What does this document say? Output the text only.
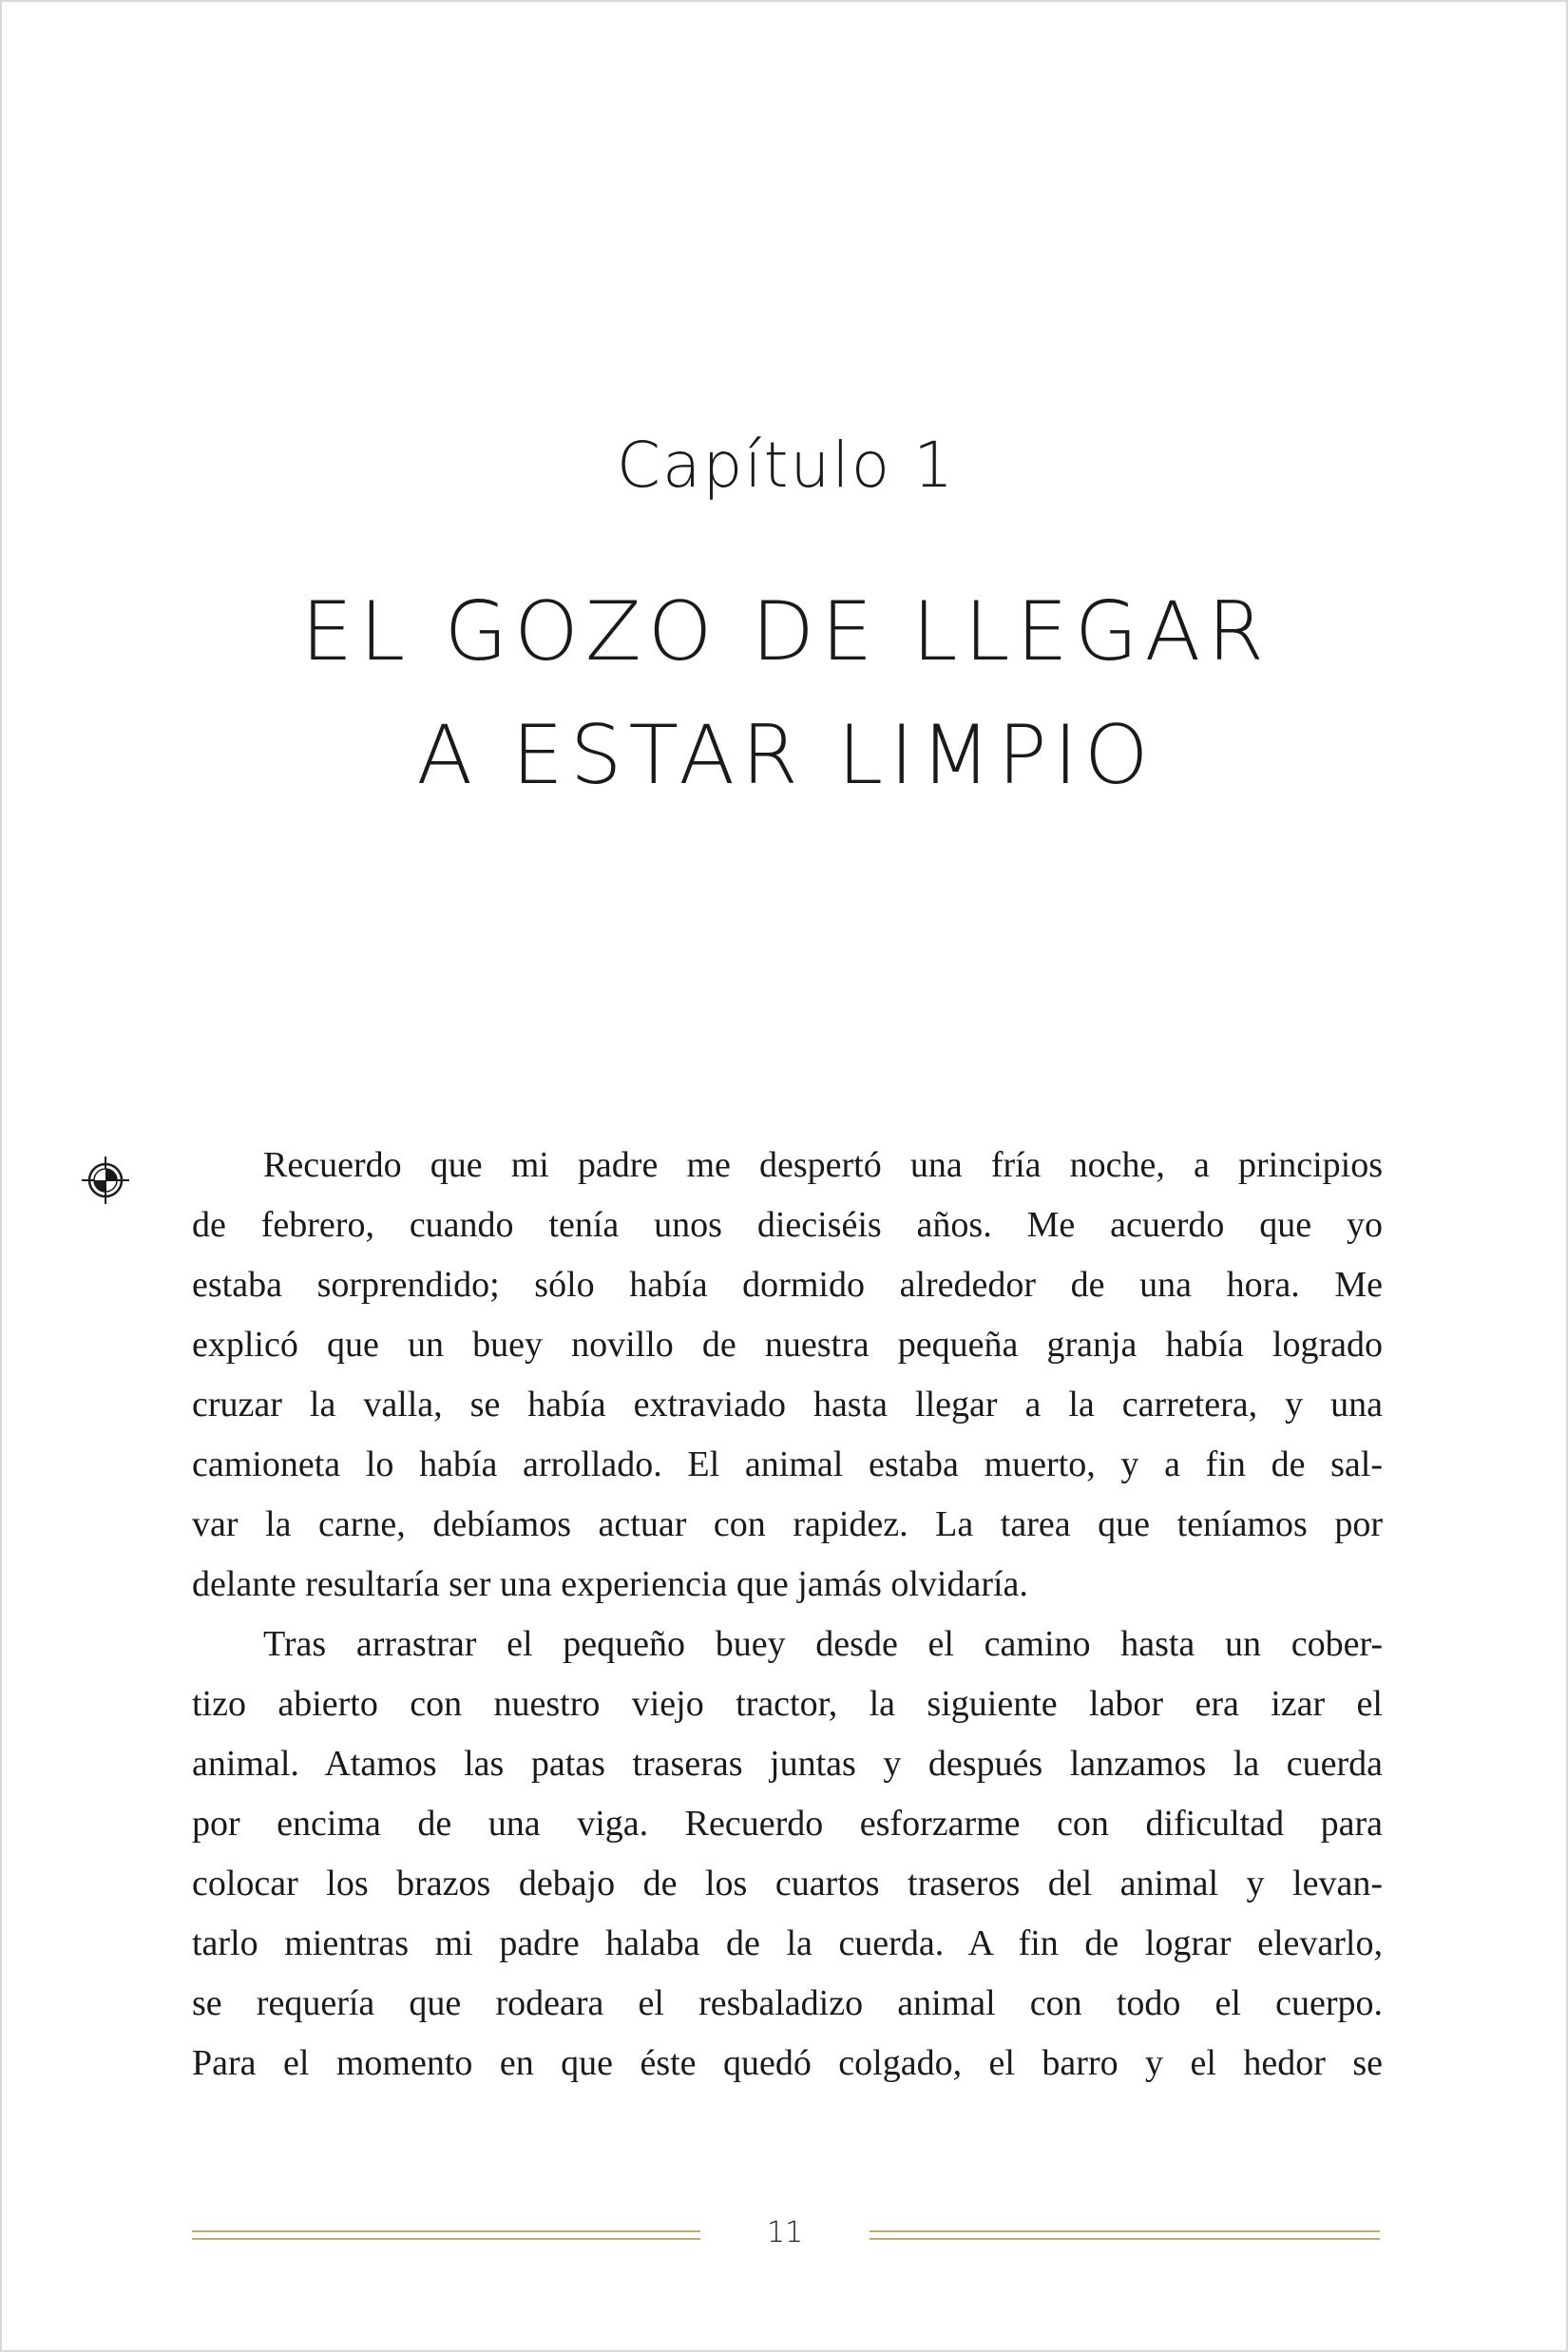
Capítulo 1
EL GOZO DE LLEGAR
A ESTAR LIMPIO

Recuerdo que mi padre me despertó una fría noche, a principios
de febrero, cuando tenía unos dieciséis años. Me acuerdo que yo
estaba sorprendido; sólo había dormido alrededor de una hora. Me
explicó que un buey novillo de nuestra pequeña granja había logrado
cruzar la valla, se había extraviado hasta llegar a la carretera, y una
camioneta lo había arrollado. El animal estaba muerto, y a fin de sal-
var la carne, debíamos actuar con rapidez. La tarea que teníamos por
delante resultaría ser una experiencia que jamás olvidaría.

Tras arrastrar el pequeño buey desde el camino hasta un cober-
tizo abierto con nuestro viejo tractor, la siguiente labor era izar el
animal. Atamos las patas traseras juntas y después lanzamos la cuerda
por encima de una viga. Recuerdo esforzarme con dificultad para
colocar los brazos debajo de los cuartos traseros del animal y levan-
tarlo mientras mi padre halaba de la cuerda. A fin de lograr elevarlo,
se requería que rodeara el resbaladizo animal con todo el cuerpo.
Para el momento en que éste quedó colgado, el barro y el hedor se

11
